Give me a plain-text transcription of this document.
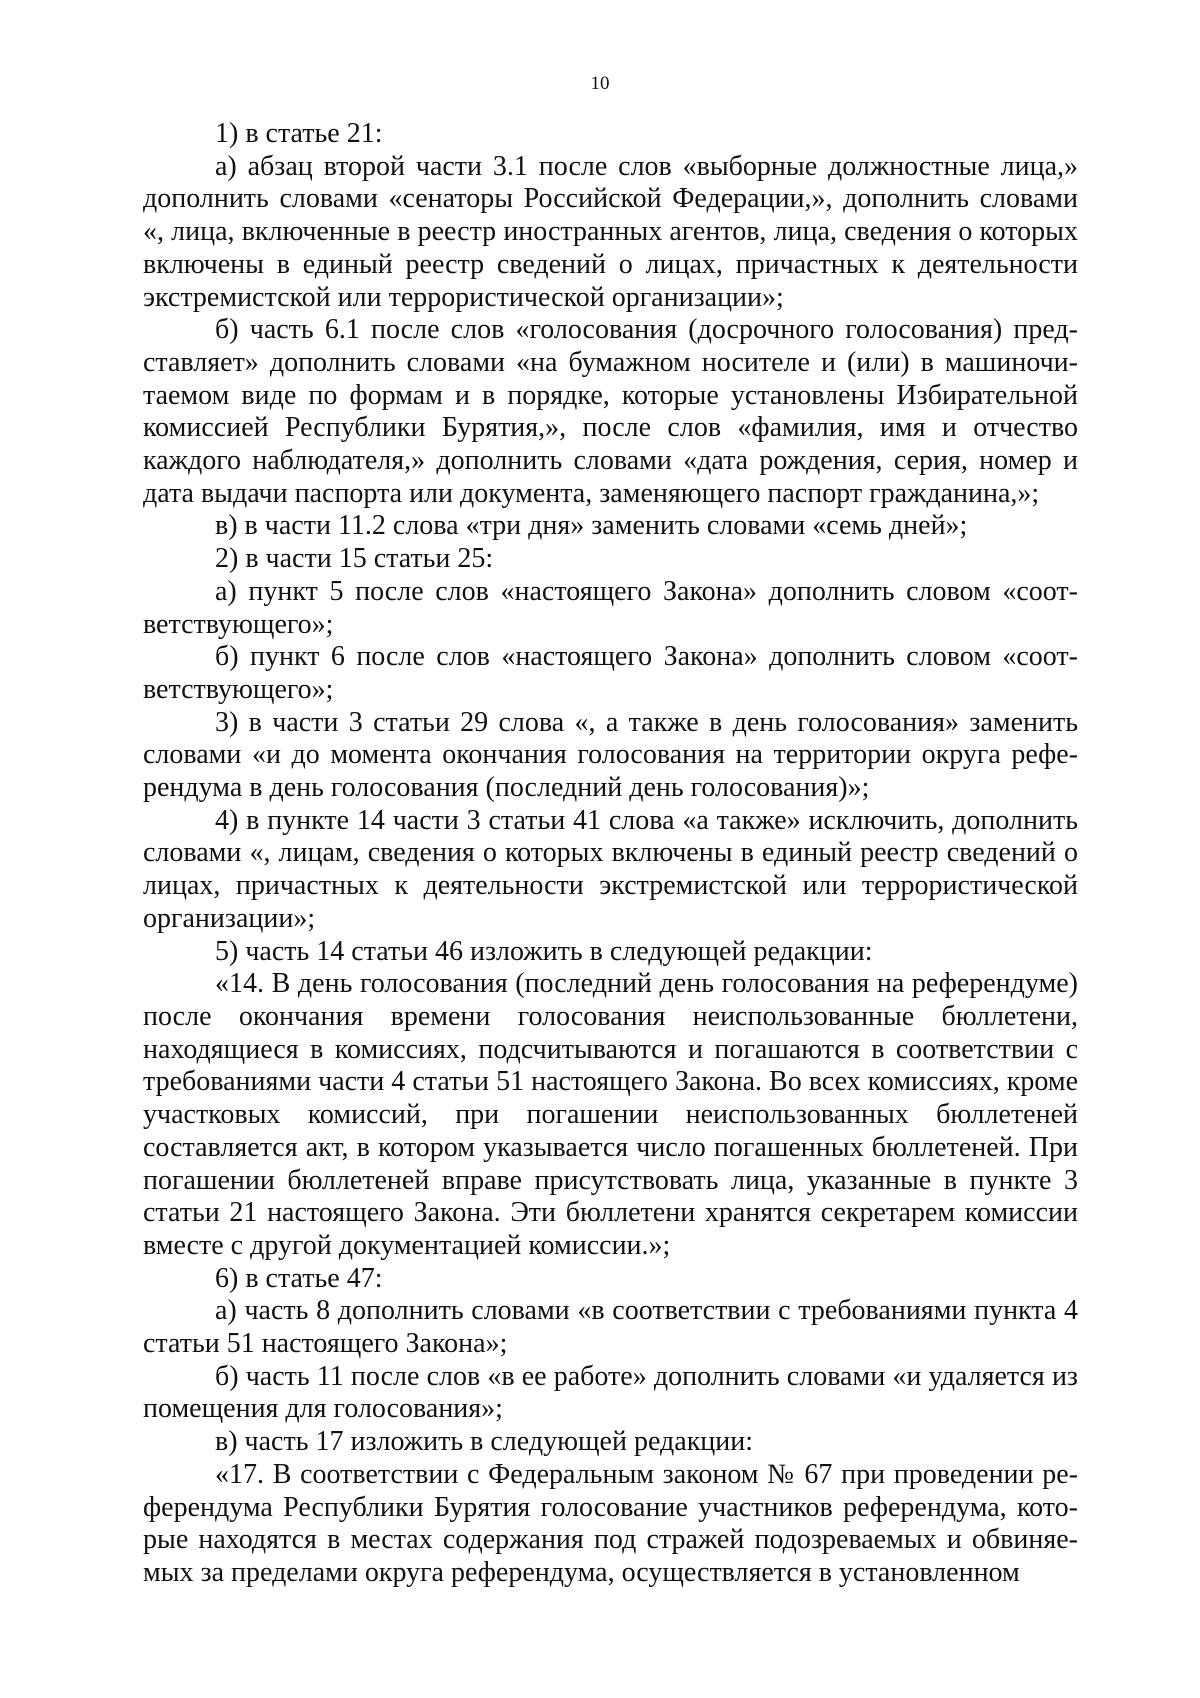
10

1) в статье 21:

а) абзац второй части 3.1 после слов «выборные должностные лица,» дополнить словами «сенаторы Российской Федерации,», дополнить словами «, лица, включенные в реестр иностранных агентов, лица, сведения о которых включены в единый реестр сведений о лицах, причастных к деятельности экстремистской или террористической организации»;

б) часть 6.1 после слов «голосования (досрочного голосования) представляет» дополнить словами «на бумажном носителе и (или) в машиночитаемом виде по формам и в порядке, которые установлены Избирательной комиссией Республики Бурятия,», после слов «фамилия, имя и отчество каждого наблюдателя,» дополнить словами «дата рождения, серия, номер и дата выдачи паспорта или документа, заменяющего паспорт гражданина,»;

в) в части 11.2 слова «три дня» заменить словами «семь дней»;

2) в части 15 статьи 25:

а) пункт 5 после слов «настоящего Закона» дополнить словом «соответствующего»;

б) пункт 6 после слов «настоящего Закона» дополнить словом «соответствующего»;

3) в части 3 статьи 29 слова «, а также в день голосования» заменить словами «и до момента окончания голосования на территории округа референдума в день голосования (последний день голосования)»;

4) в пункте 14 части 3 статьи 41 слова «а также» исключить, дополнить словами «, лицам, сведения о которых включены в единый реестр сведений о лицах, причастных к деятельности экстремистской или террористической организации»;

5) часть 14 статьи 46 изложить в следующей редакции:

«14. В день голосования (последний день голосования на референдуме) после окончания времени голосования неиспользованные бюллетени, находящиеся в комиссиях, подсчитываются и погашаются в соответствии с требованиями части 4 статьи 51 настоящего Закона. Во всех комиссиях, кроме участковых комиссий, при погашении неиспользованных бюллетеней составляется акт, в котором указывается число погашенных бюллетеней. При погашении бюллетеней вправе присутствовать лица, указанные в пункте 3 статьи 21 настоящего Закона. Эти бюллетени хранятся секретарем комиссии вместе с другой документацией комиссии.»;

6) в статье 47:

а) часть 8 дополнить словами «в соответствии с требованиями пункта 4 статьи 51 настоящего Закона»;

б) часть 11 после слов «в ее работе» дополнить словами «и удаляется из помещения для голосования»;

в) часть 17 изложить в следующей редакции:

«17. В соответствии с Федеральным законом № 67 при проведении референдума Республики Бурятия голосование участников референдума, которые находятся в местах содержания под стражей подозреваемых и обвиняемых за пределами округа референдума, осуществляется в установленном
